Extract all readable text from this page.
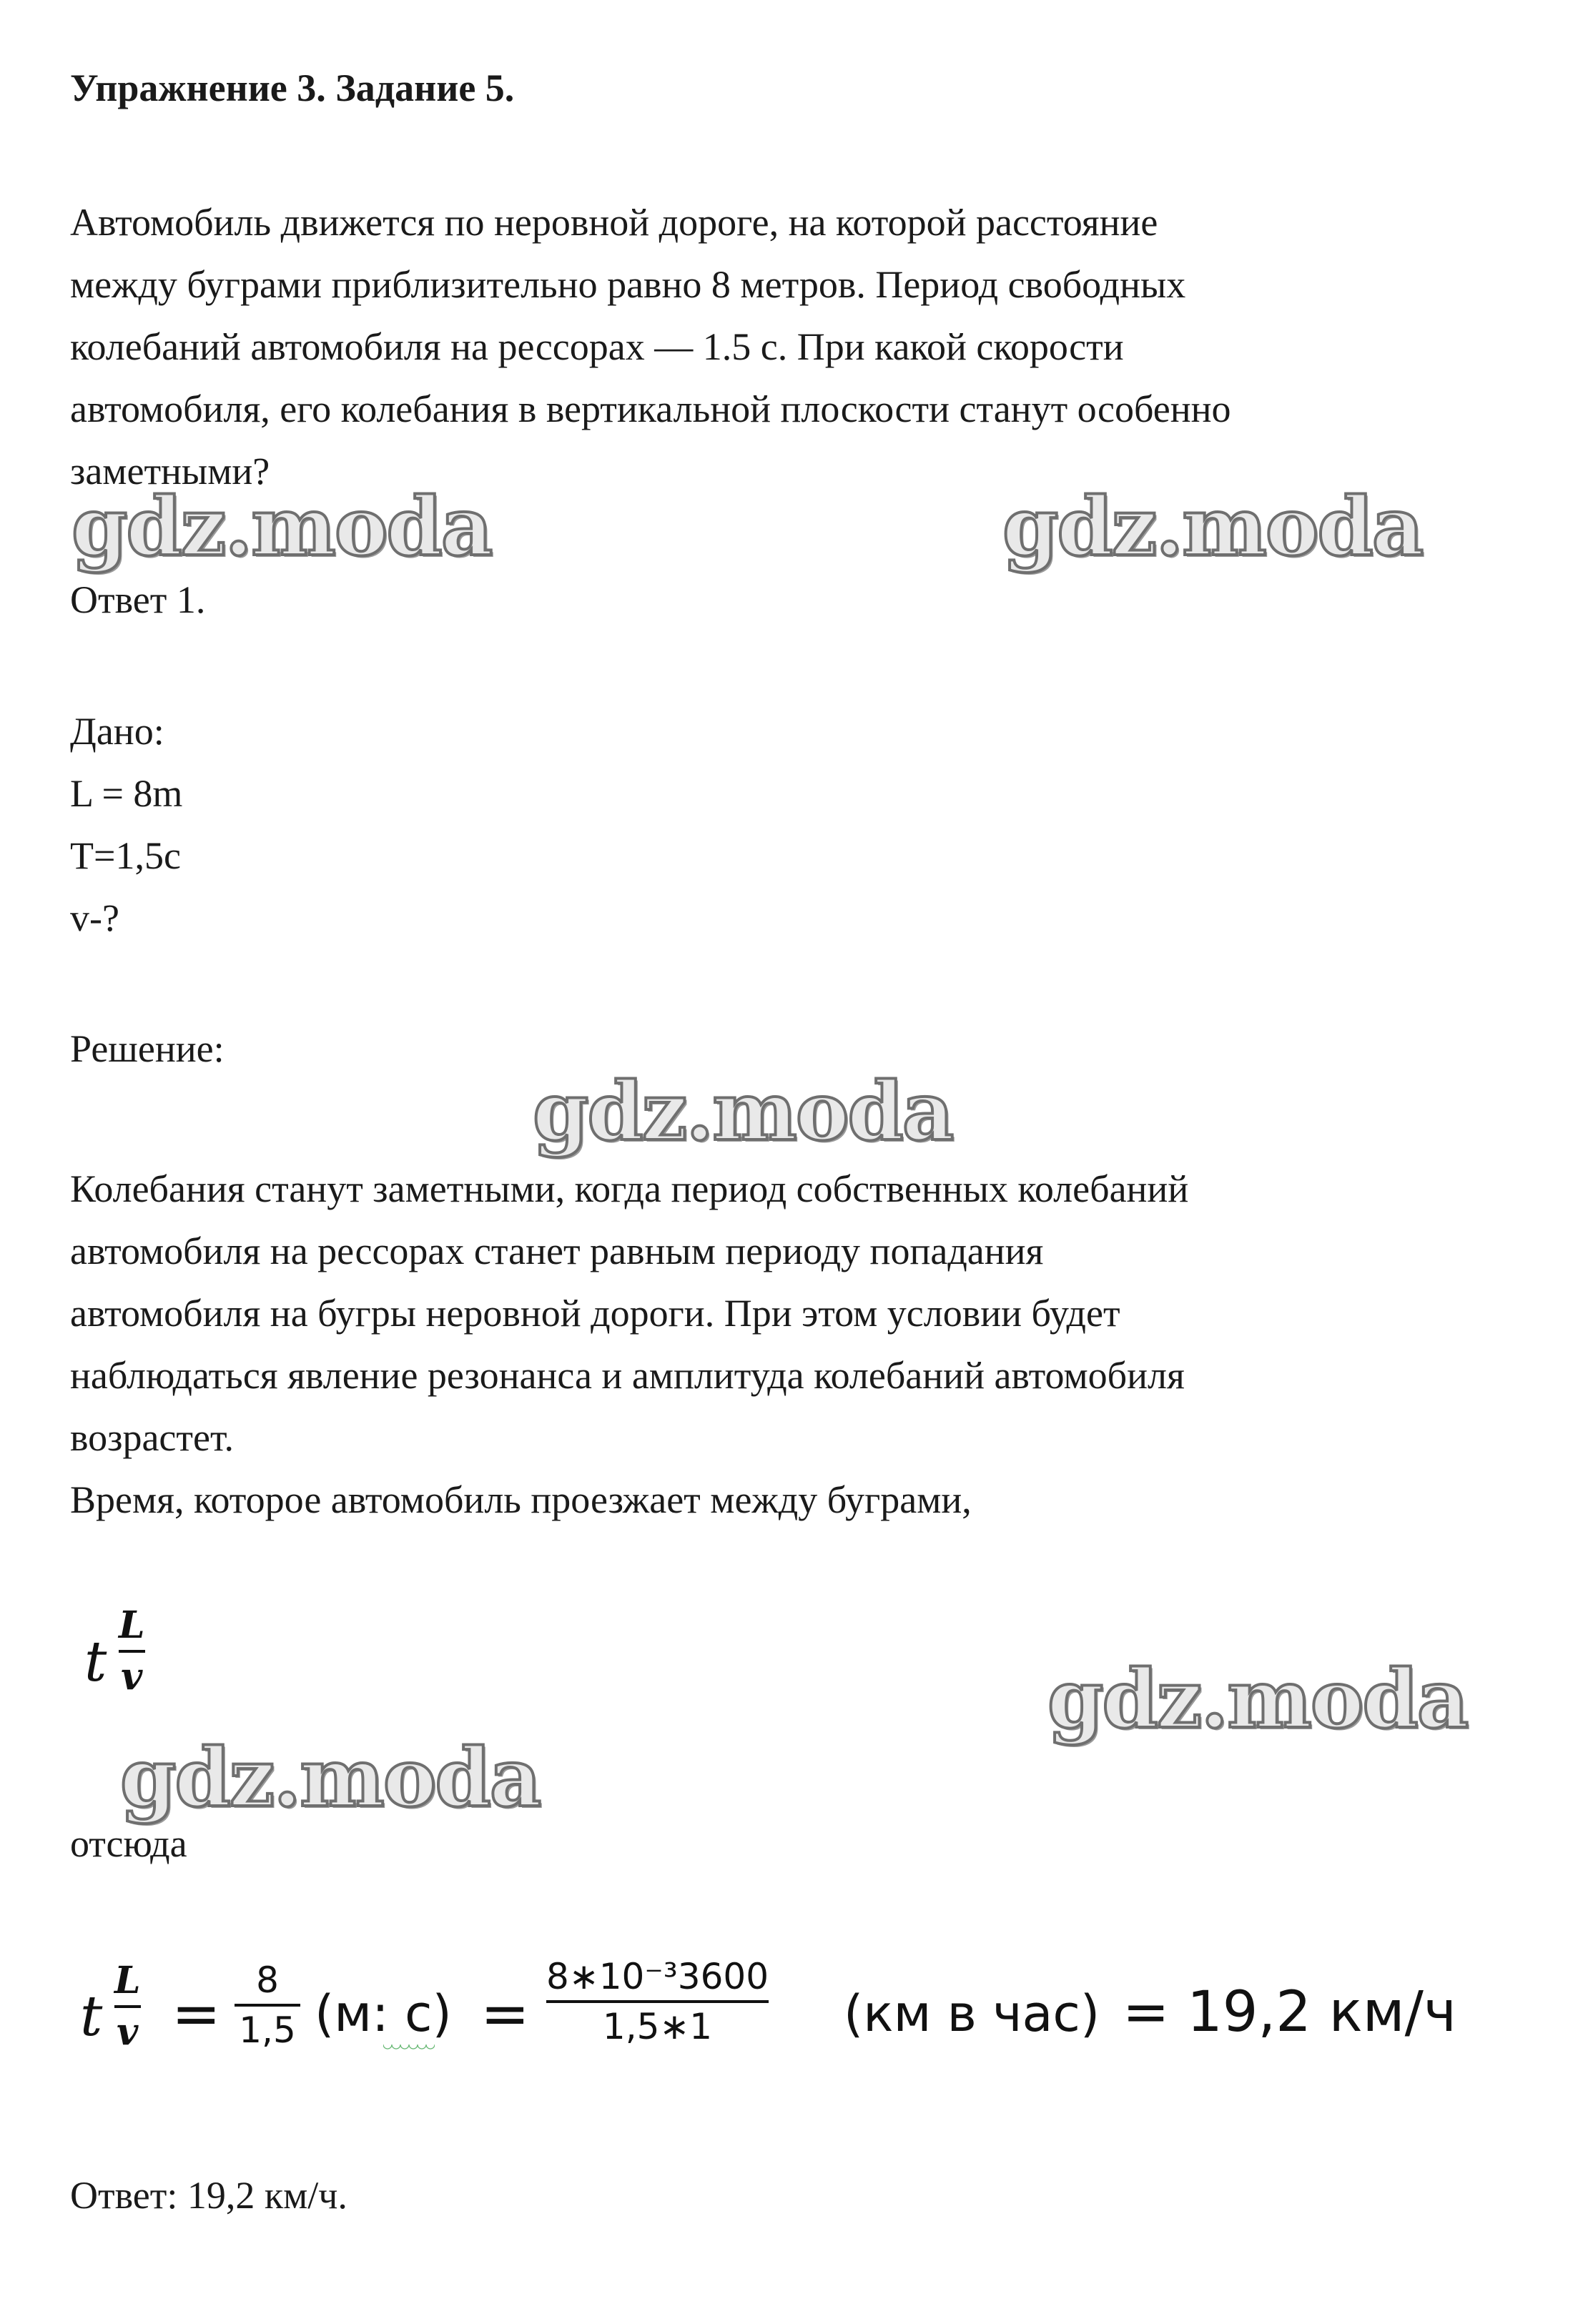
Упражнение 3. Задание 5.
Автомобиль движется по неровной дороге, на которой расстояние
между буграми приблизительно равно 8 метров. Период свободных
колебаний автомобиля на рессорах — 1.5 с. При какой скорости
автомобиля, его колебания в вертикальной плоскости станут особенно
заметными?
gdz.moda	gdz.moda
Ответ 1.
Дано:
L = 8m
T=1,5c
v-?
Решение:
gdz.moda
Колебания станут заметными, когда период собственных колебаний
автомобиля на рессорах станет равным периоду попадания
автомобиля на бугры неровной дороги. При этом условии будет
наблюдаться явление резонанса и амплитуда колебаний автомобиля
возрастет.
Время, которое автомобиль проезжает между буграми,
t
L
v	gdz.moda
gdz.moda
отсюда
t
L
v = 8
1,5 (м: с) =
8∗10⁻³3600
1,5∗1	(км в час) = 19,2 км/ч
Ответ: 19,2 км/ч.
